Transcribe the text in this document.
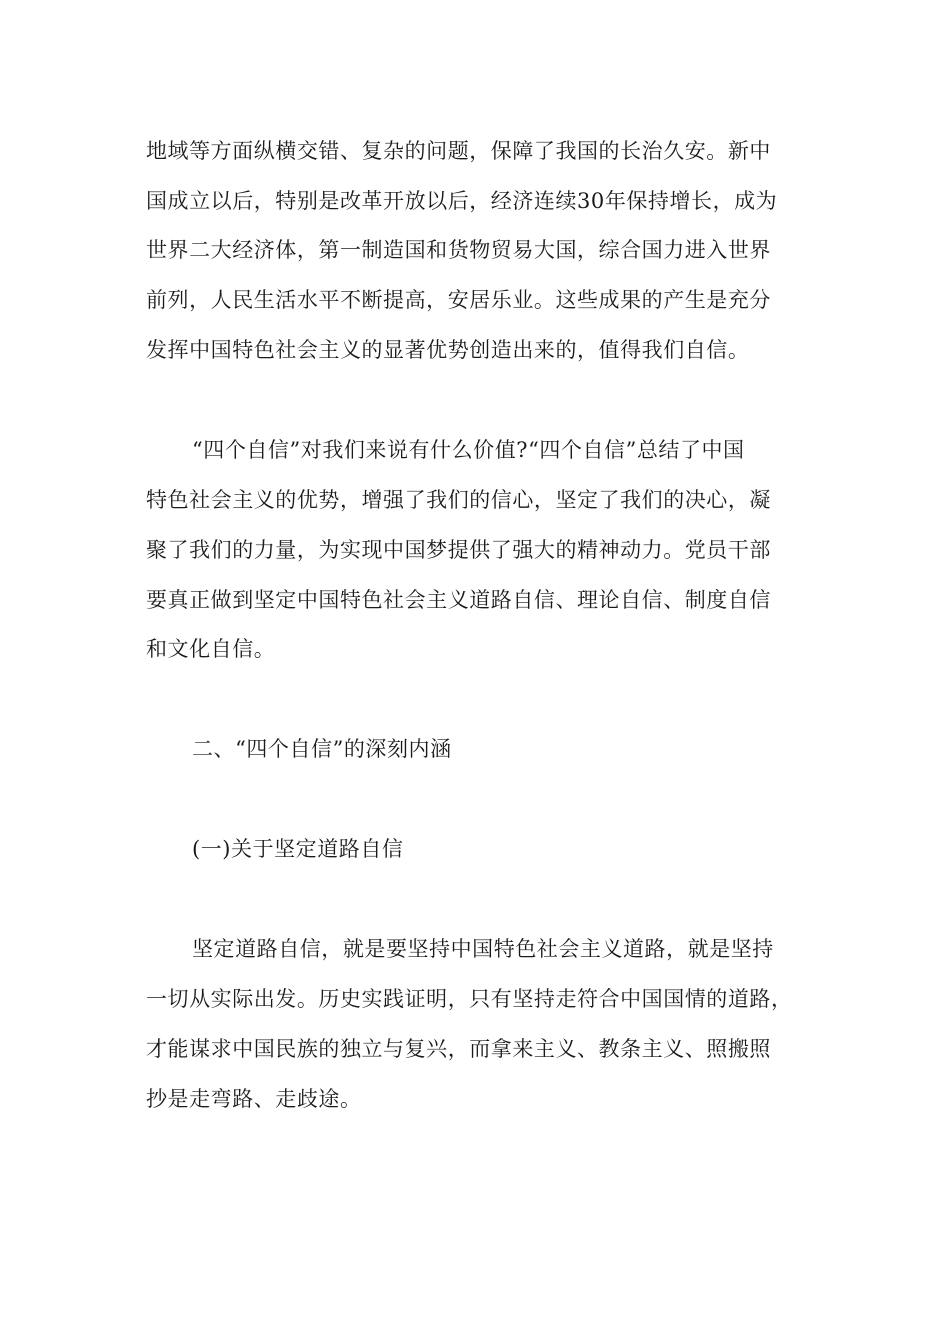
地域等方面纵横交错、复杂的问题，保障了我国的长治久安。新中
国成立以后，特别是改革开放以后，经济连续30年保持增长，成为
世界二大经济体，第一制造国和货物贸易大国，综合国力进入世界
前列，人民生活水平不断提高，安居乐业。这些成果的产生是充分
发挥中国特色社会主义的显著优势创造出来的，值得我们自信。
“四个自信”对我们来说有什么价值?“四个自信”总结了中国
特色社会主义的优势，增强了我们的信心，坚定了我们的决心，凝
聚了我们的力量，为实现中国梦提供了强大的精神动力。党员干部
要真正做到坚定中国特色社会主义道路自信、理论自信、制度自信
和文化自信。
二、“四个自信”的深刻内涵
(一)关于坚定道路自信
坚定道路自信，就是要坚持中国特色社会主义道路，就是坚持
一切从实际出发。历史实践证明，只有坚持走符合中国国情的道路，
才能谋求中国民族的独立与复兴，而拿来主义、教条主义、照搬照
抄是走弯路、走歧途。
